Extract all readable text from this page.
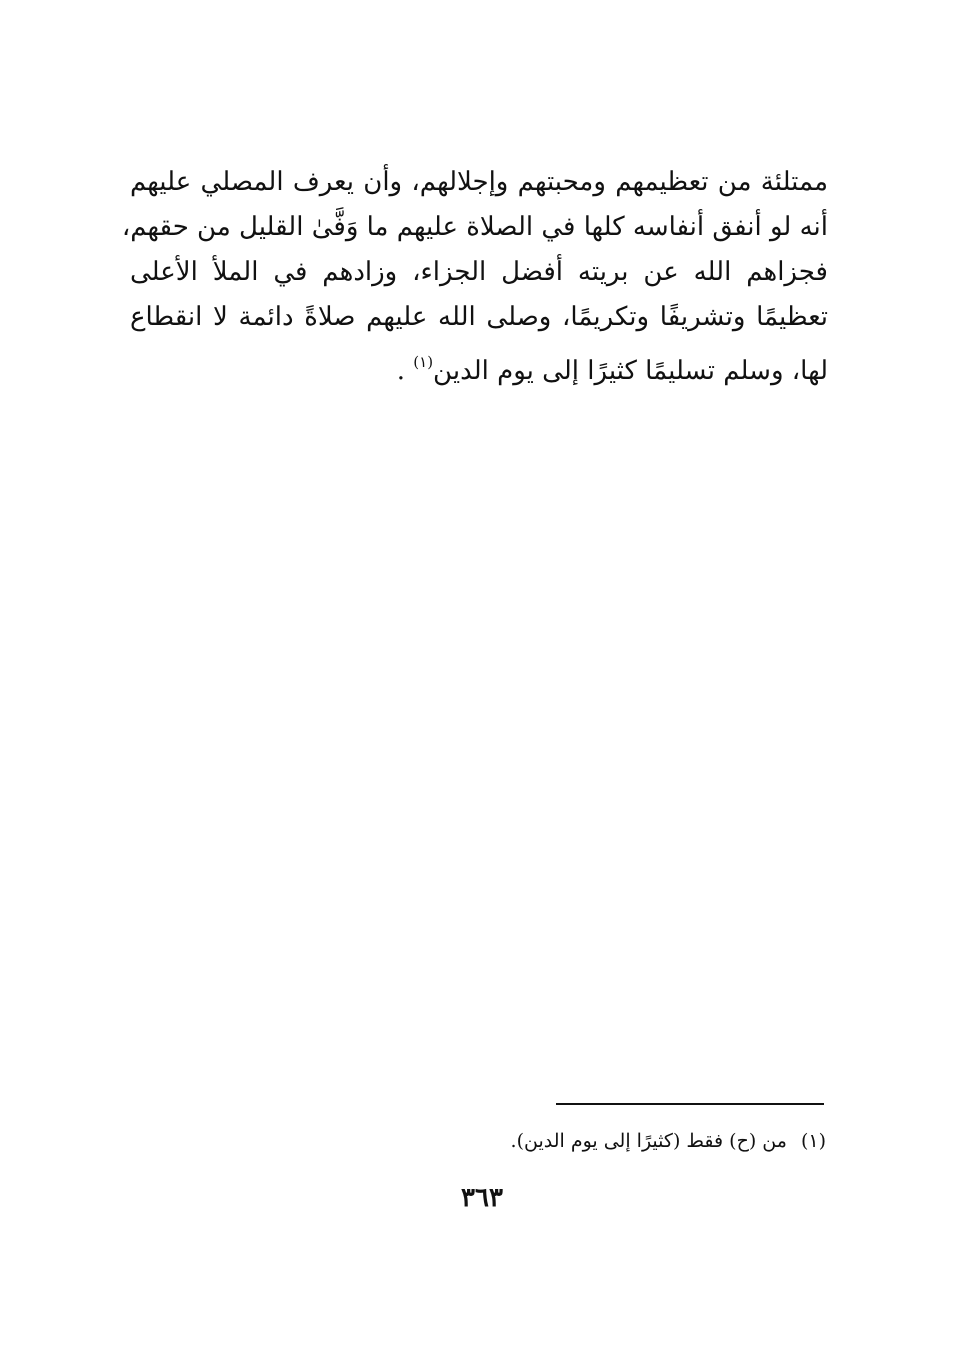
ممتلئة من تعظيمهم ومحبتهم وإجلالهم، وأن يعرف المصلي عليهم
أنه لو أنفق أنفاسه كلها في الصلاة عليهم ما وَفَّىٰ القليل من حقهم،
فجزاهم الله عن بريته أفضل الجزاء، وزادهم في الملأ الأعلى
تعظيمًا وتشريفًا وتكريمًا، وصلى الله عليهم صلاةً دائمة لا انقطاع
لها، وسلم تسليمًا كثيرًا إلى يوم الدين$^{(١)}$ .
(١)من (ح) فقط (كثيرًا إلى يوم الدين).
٣٦٣
